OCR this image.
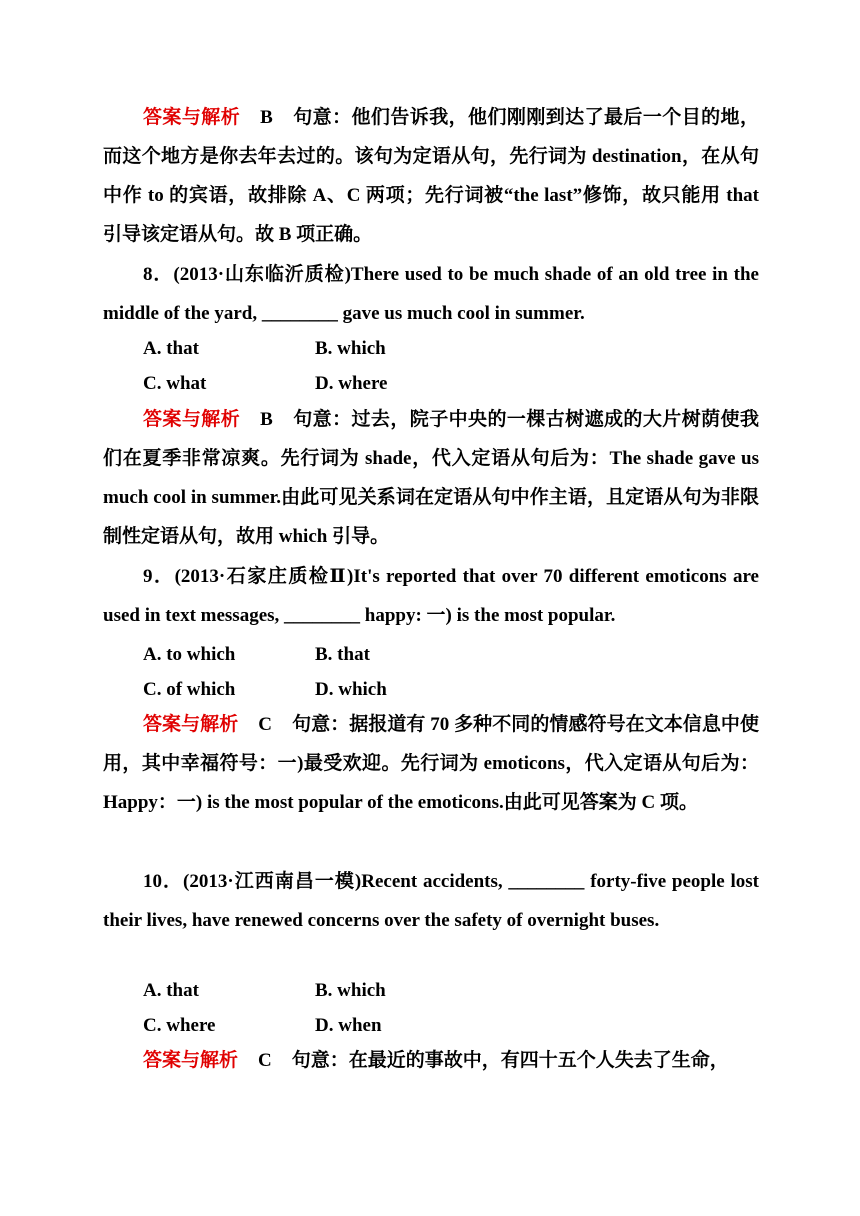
答案与解析 B 句意：他们告诉我，他们刚刚到达了最后一个目的地，而这个地方是你去年去过的。该句为定语从句，先行词为 destination，在从句中作 to 的宾语，故排除 A、C 两项；先行词被“the last”修饰，故只能用 that 引导该定语从句。故 B 项正确。
8．(2013·山东临沂质检)There used to be much shade of an old tree in the middle of the yard, ________ gave us much cool in summer.
A. that	B. which
C. what	D. where
答案与解析 B 句意：过去，院子中央的一棵古树遮成的大片树荫使我们在夏季非常凉爽。先行词为 shade，代入定语从句后为：The shade gave us much cool in summer.由此可见关系词在定语从句中作主语，且定语从句为非限制性定语从句，故用 which 引导。
9．(2013·石家庄质检Ⅱ)It's reported that over 70 different emoticons are used in text messages, ________ happy: 一) is the most popular.
A. to which	B. that
C. of which	D. which
答案与解析 C 句意：据报道有 70 多种不同的情感符号在文本信息中使用，其中幸福符号：一)最受欢迎。先行词为 emoticons，代入定语从句后为： Happy：一) is the most popular of the emoticons.由此可见答案为 C 项。
10．(2013·江西南昌一模)Recent accidents, ________ forty-five people lost their lives, have renewed concerns over the safety of overnight buses.
A. that	B. which
C. where	D. when
答案与解析 C 句意：在最近的事故中，有四十五个人失去了生命，
